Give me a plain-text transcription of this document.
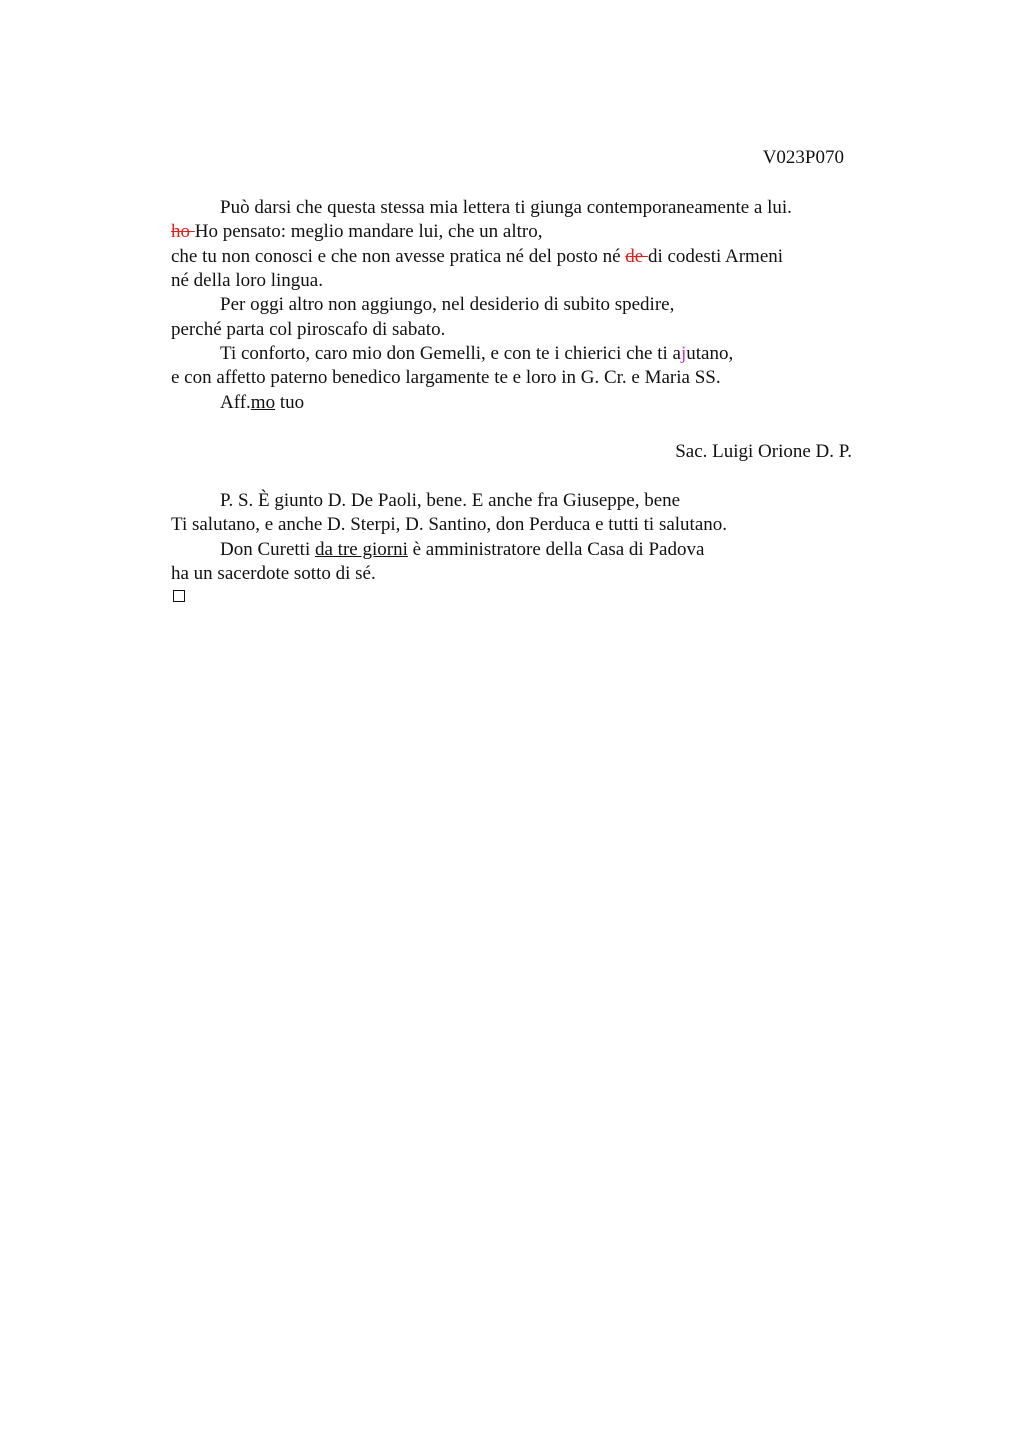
V023P070
Può darsi che questa stessa mia lettera ti giunga contemporaneamente a lui.
ho Ho pensato: meglio mandare lui, che un altro,
che tu non conosci e che non avesse pratica né del posto né de di codesti Armeni
né della loro lingua.
Per oggi altro non aggiungo, nel desiderio di subito spedire,
perché parta col piroscafo di sabato.
Ti conforto, caro mio don Gemelli, e con te i chierici che ti ajutano,
e con affetto paterno benedico largamente te e loro in G. Cr. e Maria SS.
Aff.mo tuo
Sac. Luigi Orione D. P.
P. S. È giunto D. De Paoli, bene. E anche fra Giuseppe, bene
Ti salutano, e anche D. Sterpi, D. Santino, don Perduca e tutti ti salutano.
Don Curetti da tre giorni è amministratore della Casa di Padova
ha un sacerdote sotto di sé.
